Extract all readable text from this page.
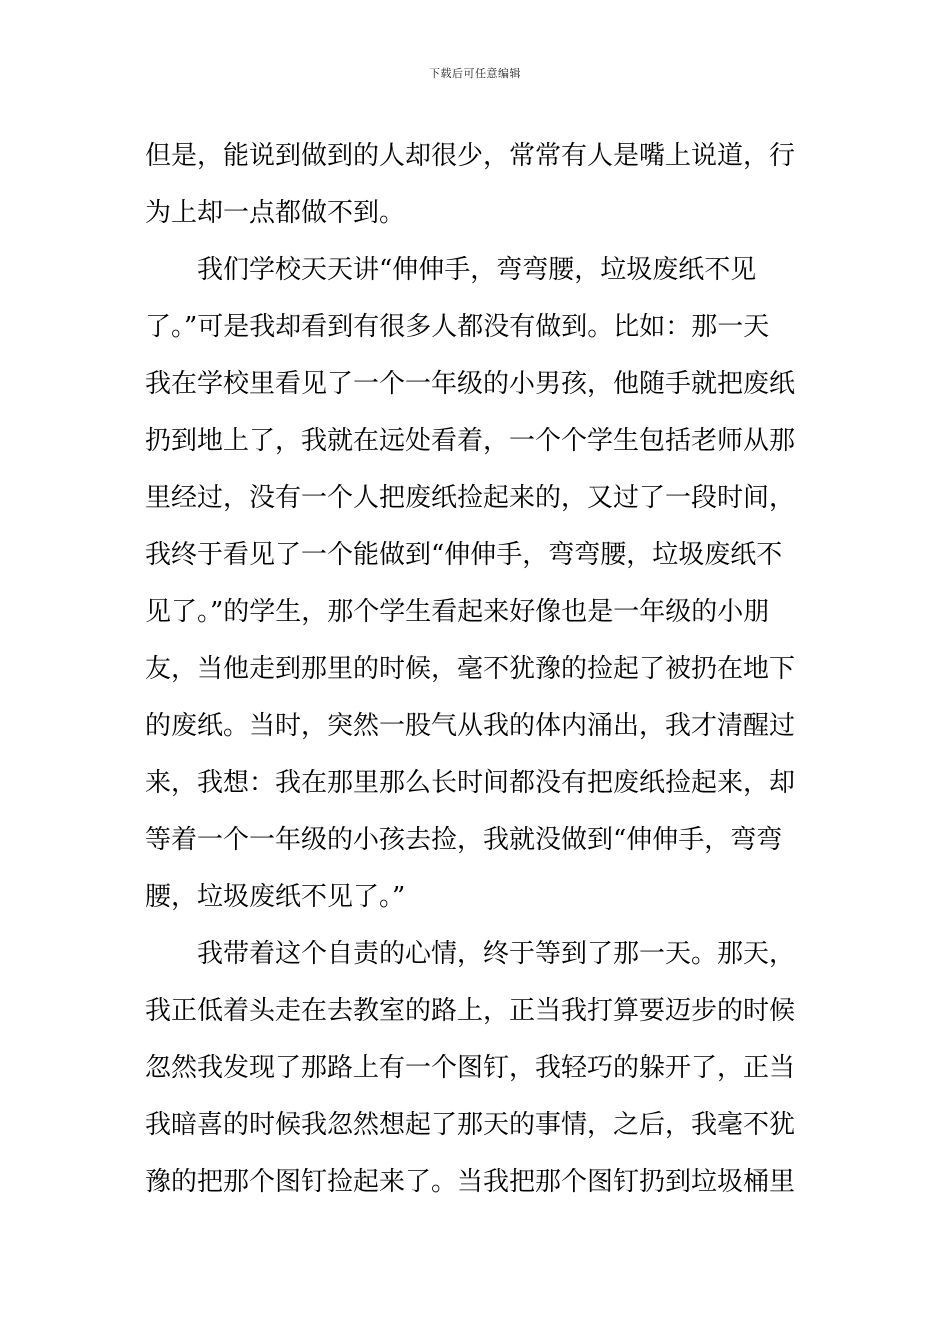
下载后可任意编辑
但是，能说到做到的人却很少，常常有人是嘴上说道，行
为上却一点都做不到。
我们学校天天讲“伸伸手，弯弯腰，垃圾废纸不见
了。”可是我却看到有很多人都没有做到。比如：那一天
我在学校里看见了一个一年级的小男孩，他随手就把废纸
扔到地上了，我就在远处看着，一个个学生包括老师从那
里经过，没有一个人把废纸捡起来的，又过了一段时间，
我终于看见了一个能做到“伸伸手，弯弯腰，垃圾废纸不
见了。”的学生，那个学生看起来好像也是一年级的小朋
友，当他走到那里的时候，毫不犹豫的捡起了被扔在地下
的废纸。当时，突然一股气从我的体内涌出，我才清醒过
来，我想：我在那里那么长时间都没有把废纸捡起来，却
等着一个一年级的小孩去捡，我就没做到“伸伸手，弯弯
腰，垃圾废纸不见了。”
我带着这个自责的心情，终于等到了那一天。那天，
我正低着头走在去教室的路上，正当我打算要迈步的时候
忽然我发现了那路上有一个图钉，我轻巧的躲开了，正当
我暗喜的时候我忽然想起了那天的事情，之后，我毫不犹
豫的把那个图钉捡起来了。当我把那个图钉扔到垃圾桶里
